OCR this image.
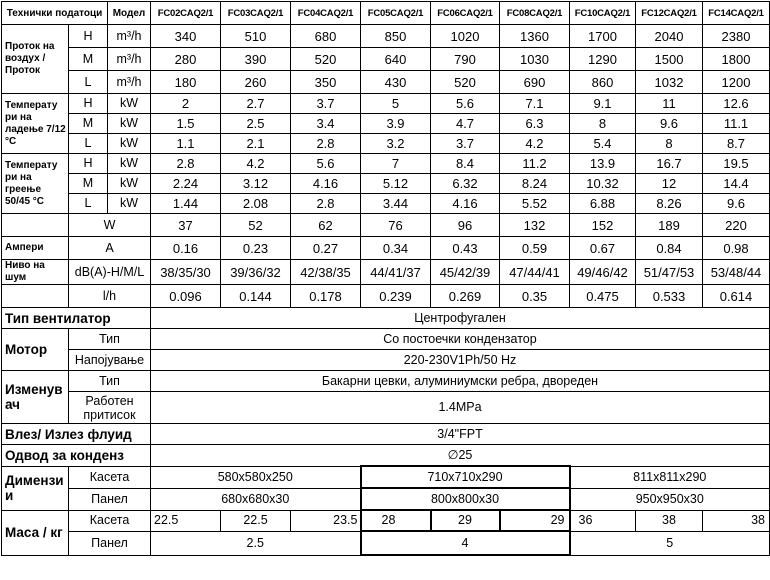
Технички податоци		Модел	FC02CAQ2/1	FC03CAQ2/1	FC04CAQ2/1	FC05CAQ2/1	FC06CAQ2/1	FC08CAQ2/1	FC10CAQ2/1	FC12CAQ2/1	FC14CAQ2/1
Проток на воздух / Проток	H	m³/h	340	510	680	850	1020	1360	1700	2040	2380
	M	m³/h	280	390	520	640	790	1030	1290	1500	1800
	L	m³/h	180	260	350	430	520	690	860	1032	1200
Температу ри на ладење 7/12 °C	H	kW	2	2.7	3.7	5	5.6	7.1	9.1	11	12.6
	M	kW	1.5	2.5	3.4	3.9	4.7	6.3	8	9.6	11.1
	L	kW	1.1	2.1	2.8	3.2	3.7	4.2	5.4	8	8.7
Температу ри на греење 50/45 °C	H	kW	2.8	4.2	5.6	7	8.4	11.2	13.9	16.7	19.5
	M	kW	2.24	3.12	4.16	5.12	6.32	8.24	10.32	12	14.4
	L	kW	1.44	2.08	2.8	3.44	4.16	5.52	6.88	8.26	9.6
	W		37	52	62	76	96	132	152	189	220
Ампери	A		0.16	0.23	0.27	0.34	0.43	0.59	0.67	0.84	0.98
Ниво на шум	dB(A)-H/M/L		38/35/30	39/36/32	42/38/35	44/41/37	45/42/39	47/44/41	49/46/42	51/47/53	53/48/44
	l/h		0.096	0.144	0.178	0.239	0.269	0.35	0.475	0.533	0.614
Тип вентилатор			Центрофугален								
Мотор	Тип		Со постоечки кондензатор								
	Напојување		220-230V1Ph/50 Hz								
Изменув ач	Тип		Бакарни цевки, алуминиумски ребра, двореден								
	Работен притисок		1.4MPa								
Влез/ Излез флуид			3/4"FPT								
Одвод за конденз			∅25								
Димензи и	Касета		580x580x250			710x710x290			811x811x290		
	Панел		680x680x30			800x800x30			950x950x30		
Маса / кг	Касета		22.5	22.5	23.5	28	29	29	36	38	38
	Панел		2.5			4			5		
